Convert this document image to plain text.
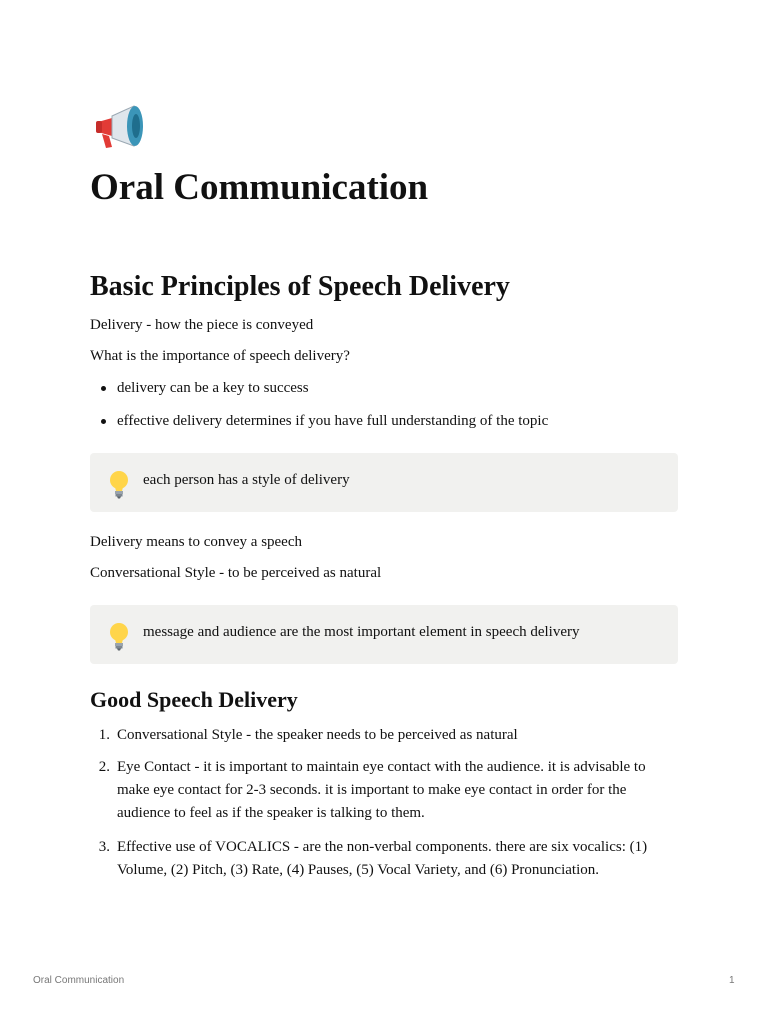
Oral Communication
Basic Principles of Speech Delivery

Delivery - how the piece is conveyed

What is the importance of speech delivery?

delivery can be a key to success
effective delivery determines if you have full understanding of the topic
each person has a style of delivery

Delivery means to convey a speech

Conversational Style - to be perceived as natural

message and audience are the most important element in speech delivery
Good Speech Delivery
1. Conversational Style - the speaker needs to be perceived as natural
2. Eye Contact - it is important to maintain eye contact with the audience. it is advisable to make eye contact for 2-3 seconds. it is important to make eye contact in order for the audience to feel as if the speaker is talking to them.
3. Effective use of VOCALICS - are the non-verbal components. there are six vocalics: (1) Volume, (2) Pitch, (3) Rate, (4) Pauses, (5) Vocal Variety, and (6) Pronunciation.
Oral Communication	1
